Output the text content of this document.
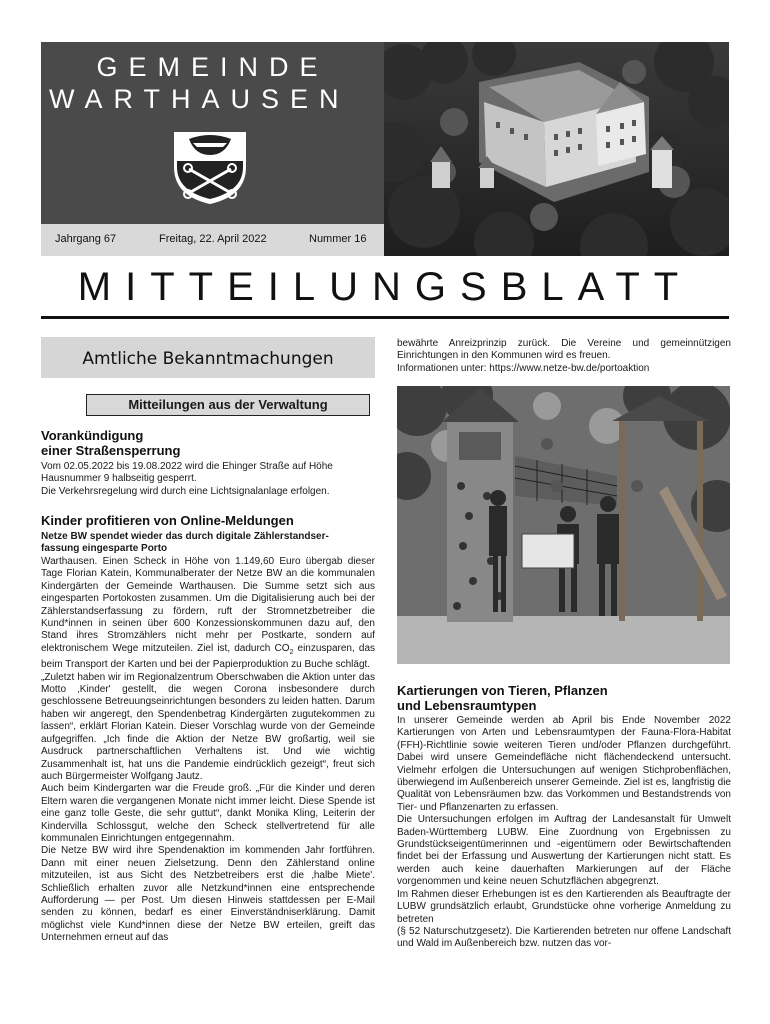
GEMEINDE
WARTHAUSEN
Jahrgang 67	Freitag, 22. April 2022	Nummer 16
MITTEILUNGSBLATT
Amtliche Bekanntmachungen
Mitteilungen aus der Verwaltung
Vorankündigung
einer Straßensperrung
Vom 02.05.2022 bis 19.08.2022 wird die Ehinger Straße auf Höhe
Hausnummer 9 halbseitig gesperrt.
Die Verkehrsregelung wird durch eine Lichtsignalanlage erfolgen.
Kinder profitieren von Online-Meldungen
Netze BW spendet wieder das durch digitale Zählerstandser-
fassung eingesparte Porto

Warthausen. Einen Scheck in Höhe von 1.149,60 Euro übergab dieser Tage Florian Katein, Kommunalberater der Netze BW an die kommunalen Kindergärten der Gemeinde Warthausen. Die Summe setzt sich aus eingesparten Portokosten zusammen. Um die Digitalisierung auch bei der Zählerstandserfassung zu fördern, ruft der Stromnetzbetreiber die Kund*innen in seinen über 600 Konzessionskommunen dazu auf, den Stand ihres Stromzählers nicht mehr per Postkarte, sondern auf elektronischem Wege mitzuteilen. Ziel ist, dadurch $CO_2$ einzusparen, das beim Transport der Karten und bei der Papierproduktion zu Buche schlägt.

„Zuletzt haben wir im Regionalzentrum Oberschwaben die Aktion unter das Motto ‚Kinder' gestellt, die wegen Corona insbesondere durch geschlossene Betreuungseinrichtungen besonders zu leiden hatten. Darum haben wir angeregt, den Spendenbetrag Kindergärten zugutekommen zu lassen“, erklärt Florian Katein. Dieser Vorschlag wurde von der Gemeinde aufgegriffen. „Ich finde die Aktion der Netze BW großartig, weil sie Ausdruck partnerschaftlichen Verhaltens ist. Und wie wichtig Zusammenhalt ist, hat uns die Pandemie eindrücklich gezeigt“, freut sich auch Bürgermeister Wolfgang Jautz.

Auch beim Kindergarten war die Freude groß. „Für die Kinder und deren Eltern waren die vergangenen Monate nicht immer leicht. Diese Spende ist eine ganz tolle Geste, die sehr guttut“, dankt Monika Kling, Leiterin der Kindervilla Schlossgut, welche den Scheck stellvertretend für alle kommunalen Einrichtungen entgegennahm.

Die Netze BW wird ihre Spendenaktion im kommenden Jahr fortführen. Dann mit einer neuen Zielsetzung. Denn den Zählerstand online mitzuteilen, ist aus Sicht des Netzbetreibers erst die ‚halbe Miete'. Schließlich erhalten zuvor alle Netzkund*innen eine entsprechende Aufforderung — per Post. Um diesen Hinweis stattdessen per E-Mail senden zu können, bedarf es einer Einverständniserklärung. Damit möglichst viele Kund*innen diese der Netze BW erteilen, greift das Unternehmen erneut auf das

bewährte Anreizprinzip zurück. Die Vereine und gemeinnützigen Einrichtungen in den Kommunen wird es freuen.

Informationen unter: https://www.netze-bw.de/portoaktion

Kartierungen von Tieren, Pflanzen
und Lebensraumtypen

In unserer Gemeinde werden ab April bis Ende November 2022 Kartierungen von Arten und Lebensraumtypen der Fauna-Flora-Habitat (FFH)-Richtlinie sowie weiteren Tieren und/oder Pflanzen durchgeführt. Dabei wird unsere Gemeindefläche nicht flächendeckend untersucht. Vielmehr erfolgen die Untersuchungen auf wenigen Stichprobenflächen, überwiegend im Außenbereich unserer Gemeinde. Ziel ist es, langfristig die Qualität von Lebensräumen bzw. das Vorkommen und Bestandstrends von Tier- und Pflanzenarten zu erfassen.

Die Untersuchungen erfolgen im Auftrag der Landesanstalt für Umwelt Baden-Württemberg LUBW. Eine Zuordnung von Ergebnissen zu Grundstückseigentümerinnen und -eigentümern oder Bewirtschaftenden findet bei der Erfassung und Auswertung der Kartierungen nicht statt. Es werden auch keine dauerhaften Markierungen auf der Fläche vorgenommen und keine neuen Schutzflächen abgegrenzt.

Im Rahmen dieser Erhebungen ist es den Kartierenden als Beauftragte der LUBW grundsätzlich erlaubt, Grundstücke ohne vorherige Anmeldung zu betreten

(§ 52 Naturschutzgesetz). Die Kartierenden betreten nur offene Landschaft und Wald im Außenbereich bzw. nutzen das vor-
